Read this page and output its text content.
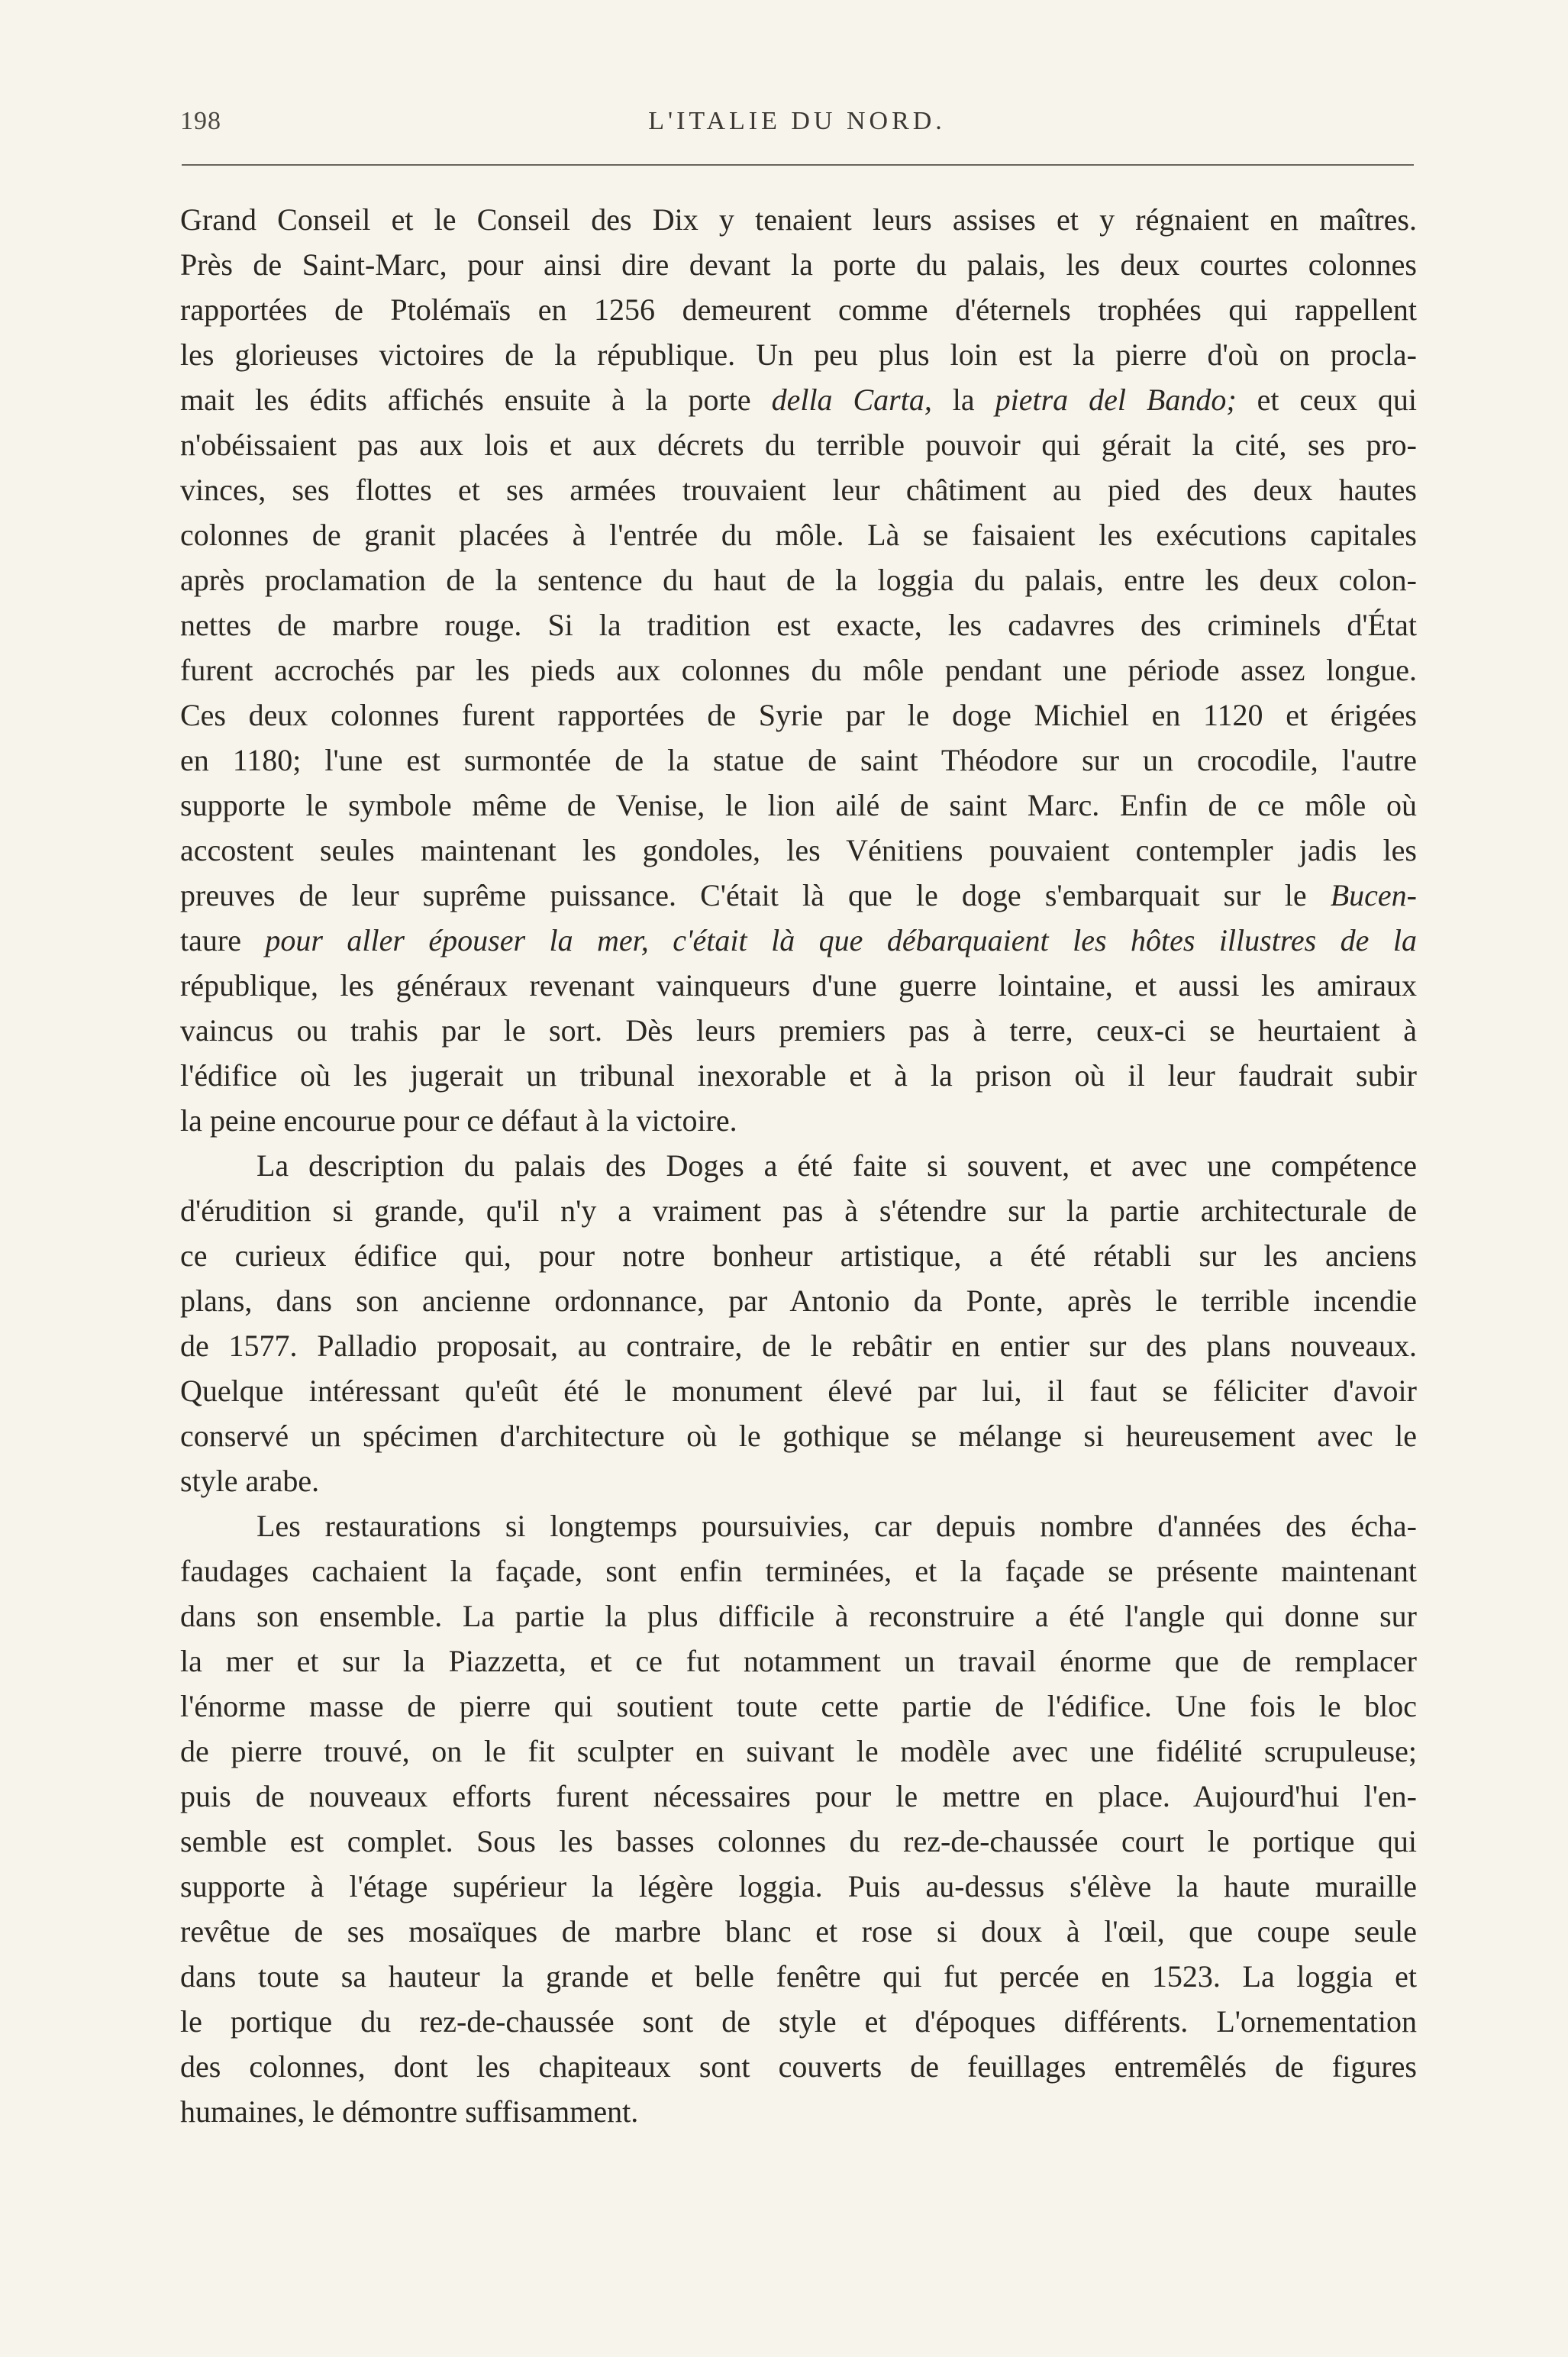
198	L'ITALIE DU NORD.
Grand Conseil et le Conseil des Dix y tenaient leurs assises et y régnaient en maîtres.
Près de Saint-Marc, pour ainsi dire devant la porte du palais, les deux courtes colonnes
rapportées de Ptolémaïs en 1256 demeurent comme d'éternels trophées qui rappellent
les glorieuses victoires de la république. Un peu plus loin est la pierre d'où on procla-
mait les édits affichés ensuite à la porte della Carta, la pietra del Bando; et ceux qui
n'obéissaient pas aux lois et aux décrets du terrible pouvoir qui gérait la cité, ses pro-
vinces, ses flottes et ses armées trouvaient leur châtiment au pied des deux hautes
colonnes de granit placées à l'entrée du môle. Là se faisaient les exécutions capitales
après proclamation de la sentence du haut de la loggia du palais, entre les deux colon-
nettes de marbre rouge. Si la tradition est exacte, les cadavres des criminels d'État
furent accrochés par les pieds aux colonnes du môle pendant une période assez longue.
Ces deux colonnes furent rapportées de Syrie par le doge Michiel en 1120 et érigées
en 1180; l'une est surmontée de la statue de saint Théodore sur un crocodile, l'autre
supporte le symbole même de Venise, le lion ailé de saint Marc. Enfin de ce môle où
accostent seules maintenant les gondoles, les Vénitiens pouvaient contempler jadis les
preuves de leur suprême puissance. C'était là que le doge s'embarquait sur le Bucen-
taure pour aller épouser la mer, c'était là que débarquaient les hôtes illustres de la
république, les généraux revenant vainqueurs d'une guerre lointaine, et aussi les amiraux
vaincus ou trahis par le sort. Dès leurs premiers pas à terre, ceux-ci se heurtaient à
l'édifice où les jugerait un tribunal inexorable et à la prison où il leur faudrait subir
la peine encourue pour ce défaut à la victoire.
La description du palais des Doges a été faite si souvent, et avec une compétence
d'érudition si grande, qu'il n'y a vraiment pas à s'étendre sur la partie architecturale de
ce curieux édifice qui, pour notre bonheur artistique, a été rétabli sur les anciens
plans, dans son ancienne ordonnance, par Antonio da Ponte, après le terrible incendie
de 1577. Palladio proposait, au contraire, de le rebâtir en entier sur des plans nouveaux.
Quelque intéressant qu'eût été le monument élevé par lui, il faut se féliciter d'avoir
conservé un spécimen d'architecture où le gothique se mélange si heureusement avec le
style arabe.
Les restaurations si longtemps poursuivies, car depuis nombre d'années des écha-
faudages cachaient la façade, sont enfin terminées, et la façade se présente maintenant
dans son ensemble. La partie la plus difficile à reconstruire a été l'angle qui donne sur
la mer et sur la Piazzetta, et ce fut notamment un travail énorme que de remplacer
l'énorme masse de pierre qui soutient toute cette partie de l'édifice. Une fois le bloc
de pierre trouvé, on le fit sculpter en suivant le modèle avec une fidélité scrupuleuse;
puis de nouveaux efforts furent nécessaires pour le mettre en place. Aujourd'hui l'en-
semble est complet. Sous les basses colonnes du rez-de-chaussée court le portique qui
supporte à l'étage supérieur la légère loggia. Puis au-dessus s'élève la haute muraille
revêtue de ses mosaïques de marbre blanc et rose si doux à l'œil, que coupe seule
dans toute sa hauteur la grande et belle fenêtre qui fut percée en 1523. La loggia et
le portique du rez-de-chaussée sont de style et d'époques différents. L'ornementation
des colonnes, dont les chapiteaux sont couverts de feuillages entremêlés de figures
humaines, le démontre suffisamment.
